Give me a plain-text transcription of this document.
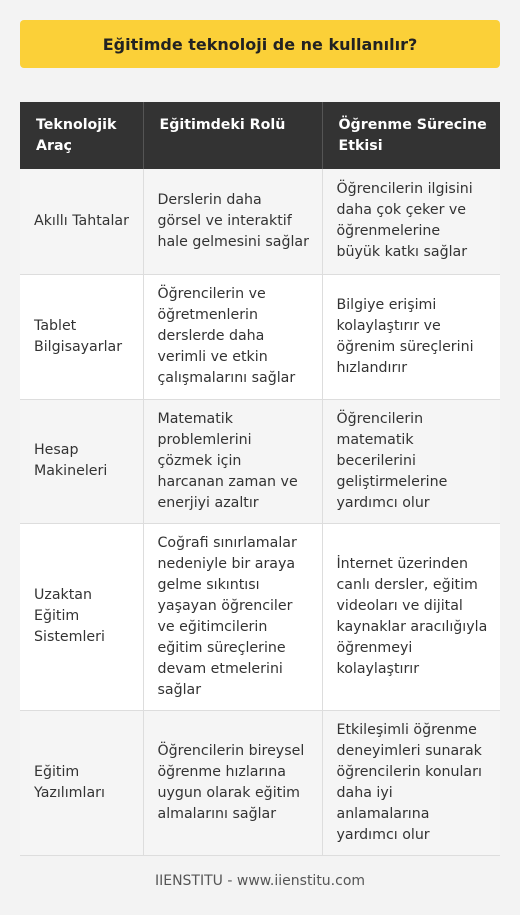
Eğitimde teknoloji de ne kullanılır?
Teknolojik Araç	Eğitimdeki Rolü	Öğrenme Sürecine Etkisi
Akıllı Tahtalar	Derslerin daha görsel ve interaktif hale gelmesini sağlar	Öğrencilerin ilgisini daha çok çeker ve öğrenmelerine büyük katkı sağlar
Tablet Bilgisayarlar	Öğrencilerin ve öğretmenlerin derslerde daha verimli ve etkin çalışmalarını sağlar	Bilgiye erişimi kolaylaştırır ve öğrenim süreçlerini hızlandırır
Hesap Makineleri	Matematik problemlerini çözmek için harcanan zaman ve enerjiyi azaltır	Öğrencilerin matematik becerilerini geliştirmelerine yardımcı olur
Uzaktan Eğitim Sistemleri	Coğrafi sınırlamalar nedeniyle bir araya gelme sıkıntısı yaşayan öğrenciler ve eğitimcilerin eğitim süreçlerine devam etmelerini sağlar	İnternet üzerinden canlı dersler, eğitim videoları ve dijital kaynaklar aracılığıyla öğrenmeyi kolaylaştırır
Eğitim Yazılımları	Öğrencilerin bireysel öğrenme hızlarına uygun olarak eğitim almalarını sağlar	Etkileşimli öğrenme deneyimleri sunarak öğrencilerin konuları daha iyi anlamalarına yardımcı olur
IIENSTITU - www.iienstitu.com
